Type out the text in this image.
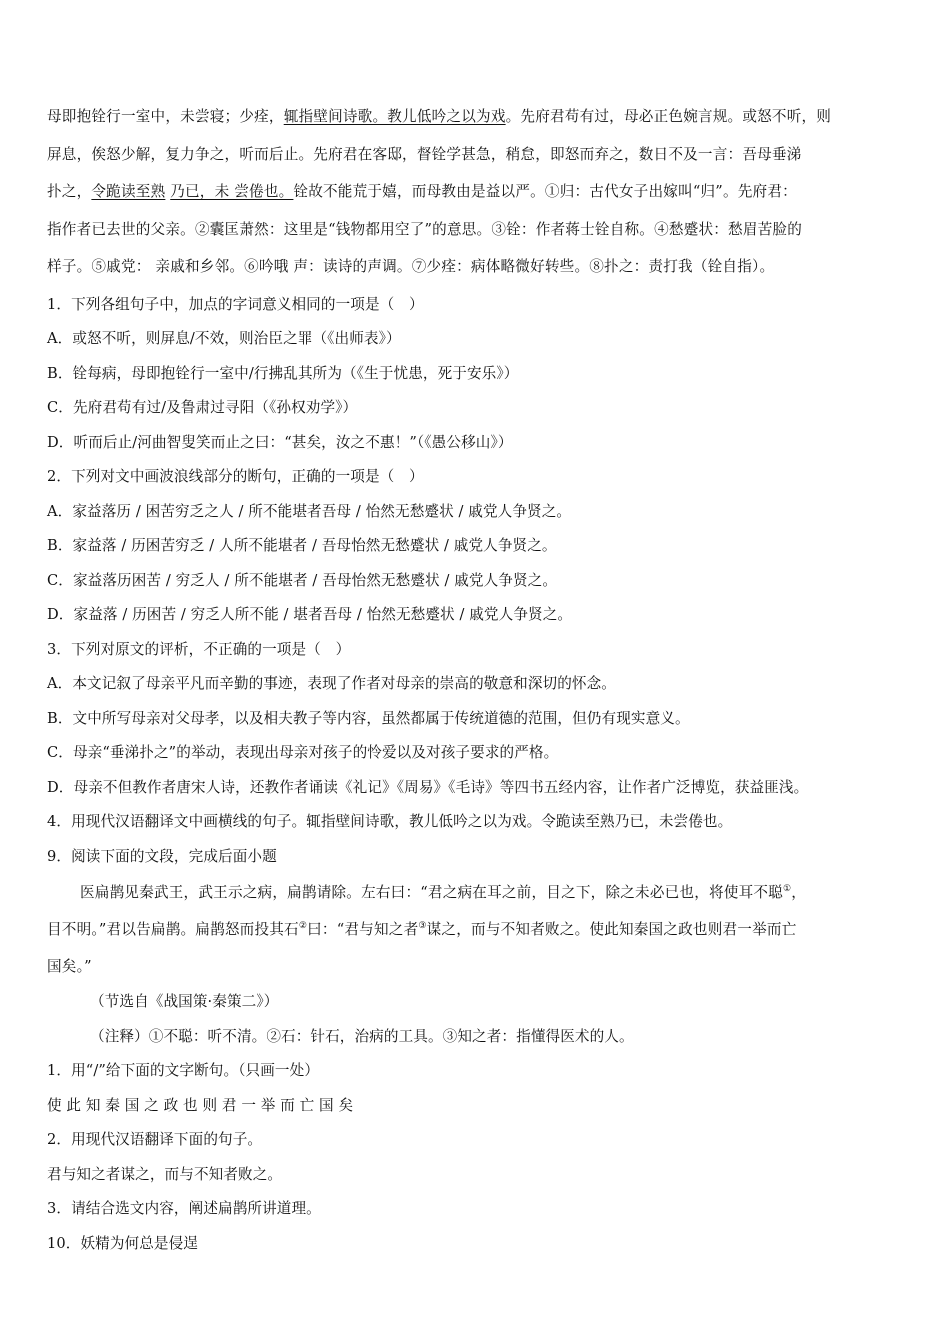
母即抱铨行一室中，未尝寝；少痊，辄指壁间诗歌。教儿低吟之以为戏。先府君苟有过，母必正色婉言规。或怒不听，则
屏息，俟怒少解，复力争之，听而后止。先府君在客邸，督铨学甚急，稍怠，即怒而弃之，数日不及一言：吾母垂涕
扑之，令跪读至熟 乃已，未 尝倦也。铨故不能荒于嬉，而母教由是益以严。①归：古代女子出嫁叫“归”。先府君：
指作者已去世的父亲。②囊匡萧然：这里是“钱物都用空了”的意思。③铨：作者蒋士铨自称。④愁蹙状：愁眉苦脸的
样子。⑤戚党： 亲戚和乡邻。⑥吟哦 声：读诗的声调。⑦少痊：病体略微好转些。⑧扑之：责打我（铨自指）。
1．下列各组句子中，加点的字词意义相同的一项是（　）
A．或怒不听，则屏息/不效，则治臣之罪（《出师表》）
B．铨每病，母即抱铨行一室中/行拂乱其所为（《生于忧患，死于安乐》）
C．先府君苟有过/及鲁肃过寻阳（《孙权劝学》）
D．听而后止/河曲智叟笑而止之曰：“甚矣，汝之不惠！”（《愚公移山》）
2．下列对文中画波浪线部分的断句，正确的一项是（　）
A．家益落历 / 困苦穷乏之人 / 所不能堪者吾母 / 怡然无愁蹙状 / 戚党人争贤之。
B．家益落 / 历困苦穷乏 / 人所不能堪者 / 吾母怡然无愁蹙状 / 戚党人争贤之。
C．家益落历困苦 / 穷乏人 / 所不能堪者 / 吾母怡然无愁蹙状 / 戚党人争贤之。
D．家益落 / 历困苦 / 穷乏人所不能 / 堪者吾母 / 怡然无愁蹙状 / 戚党人争贤之。
3．下列对原文的评析，不正确的一项是（　）
A．本文记叙了母亲平凡而辛勤的事迹，表现了作者对母亲的崇高的敬意和深切的怀念。
B．文中所写母亲对父母孝，以及相夫教子等内容，虽然都属于传统道德的范围，但仍有现实意义。
C．母亲“垂涕扑之”的举动，表现出母亲对孩子的怜爱以及对孩子要求的严格。
D．母亲不但教作者唐宋人诗，还教作者诵读《礼记》《周易》《毛诗》等四书五经内容，让作者广泛博览，获益匪浅。
4．用现代汉语翻译文中画横线的句子。辄指壁间诗歌，教儿低吟之以为戏。令跪读至熟乃已，未尝倦也。
9．阅读下面的文段，完成后面小题
医扁鹊见秦武王，武王示之病，扁鹊请除。左右曰：“君之病在耳之前，目之下，除之未必已也，将使耳不聪①，
目不明。”君以告扁鹊。扁鹊怒而投其石②曰：“君与知之者③谋之，而与不知者败之。使此知秦国之政也则君一举而亡
国矣。”
（节选自《战国策·秦策二》）
（注释）①不聪：听不清。②石：针石，治病的工具。③知之者：指懂得医术的人。
1．用“/”给下面的文字断句。（只画一处）
使 此 知 秦 国 之 政 也 则 君 一 举 而 亡 国 矣
2．用现代汉语翻译下面的句子。
君与知之者谋之，而与不知者败之。
3．请结合选文内容，阐述扁鹊所讲道理。
10．妖精为何总是侵逞
